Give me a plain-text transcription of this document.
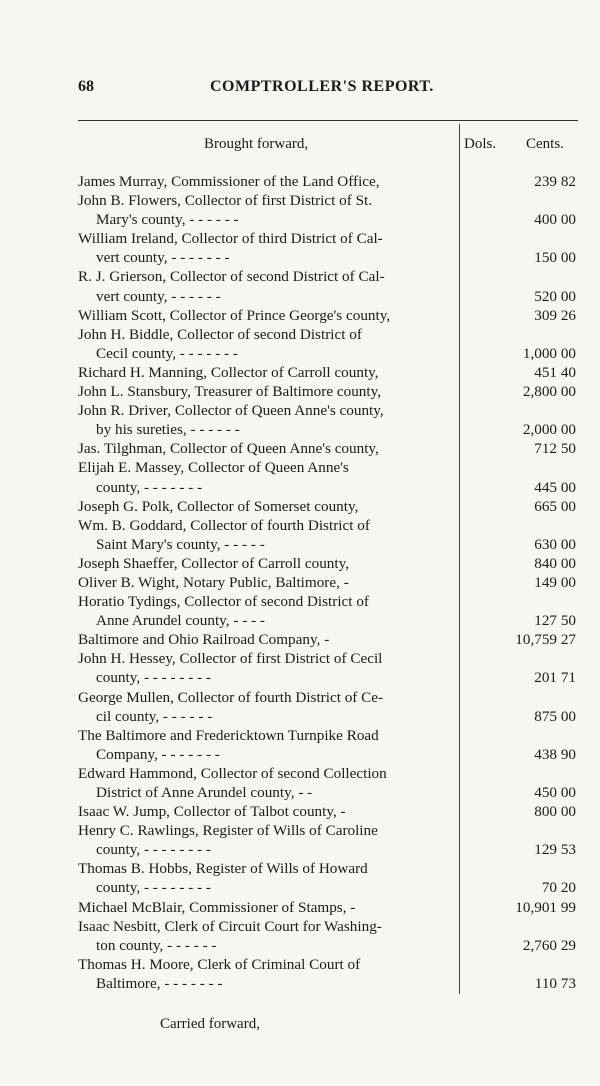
68	COMPTROLLER'S REPORT.
Brought forward,	Dols. Cents.
James Murray, Commissioner of the Land Office,	239 82
John B. Flowers, Collector of first District of St.
Mary's county, - - - - - -	400 00
William Ireland, Collector of third District of Cal-
vert county, - - - - - - -	150 00
R. J. Grierson, Collector of second District of Cal-
vert county, - - - - - -	520 00
William Scott, Collector of Prince George's county,	309 26
John H. Biddle, Collector of second District of
Cecil county, - - - - - - -	1,000 00
Richard H. Manning, Collector of Carroll county,	451 40
John L. Stansbury, Treasurer of Baltimore county,	2,800 00
John R. Driver, Collector of Queen Anne's county,
by his sureties, - - - - - -	2,000 00
Jas. Tilghman, Collector of Queen Anne's county,	712 50
Elijah E. Massey, Collector of Queen Anne's
county, - - - - - - -	445 00
Joseph G. Polk, Collector of Somerset county,	665 00
Wm. B. Goddard, Collector of fourth District of
Saint Mary's county, - - - - -	630 00
Joseph Shaeffer, Collector of Carroll county,	840 00
Oliver B. Wight, Notary Public, Baltimore, -	149 00
Horatio Tydings, Collector of second District of
Anne Arundel county, - - - -	127 50
Baltimore and Ohio Railroad Company, -	10,759 27
John H. Hessey, Collector of first District of Cecil
county, - - - - - - - -	201 71
George Mullen, Collector of fourth District of Ce-
cil county, - - - - - -	875 00
The Baltimore and Fredericktown Turnpike Road
Company, - - - - - - -	438 90
Edward Hammond, Collector of second Collection
District of Anne Arundel county, - -	450 00
Isaac W. Jump, Collector of Talbot county, -	800 00
Henry C. Rawlings, Register of Wills of Caroline
county, - - - - - - - -	129 53
Thomas B. Hobbs, Register of Wills of Howard
county, - - - - - - - -	70 20
Michael McBlair, Commissioner of Stamps, -	10,901 99
Isaac Nesbitt, Clerk of Circuit Court for Washing-
ton county, - - - - - -	2,760 29
Thomas H. Moore, Clerk of Criminal Court of
Baltimore, - - - - - - -	110 73
Carried forward,
